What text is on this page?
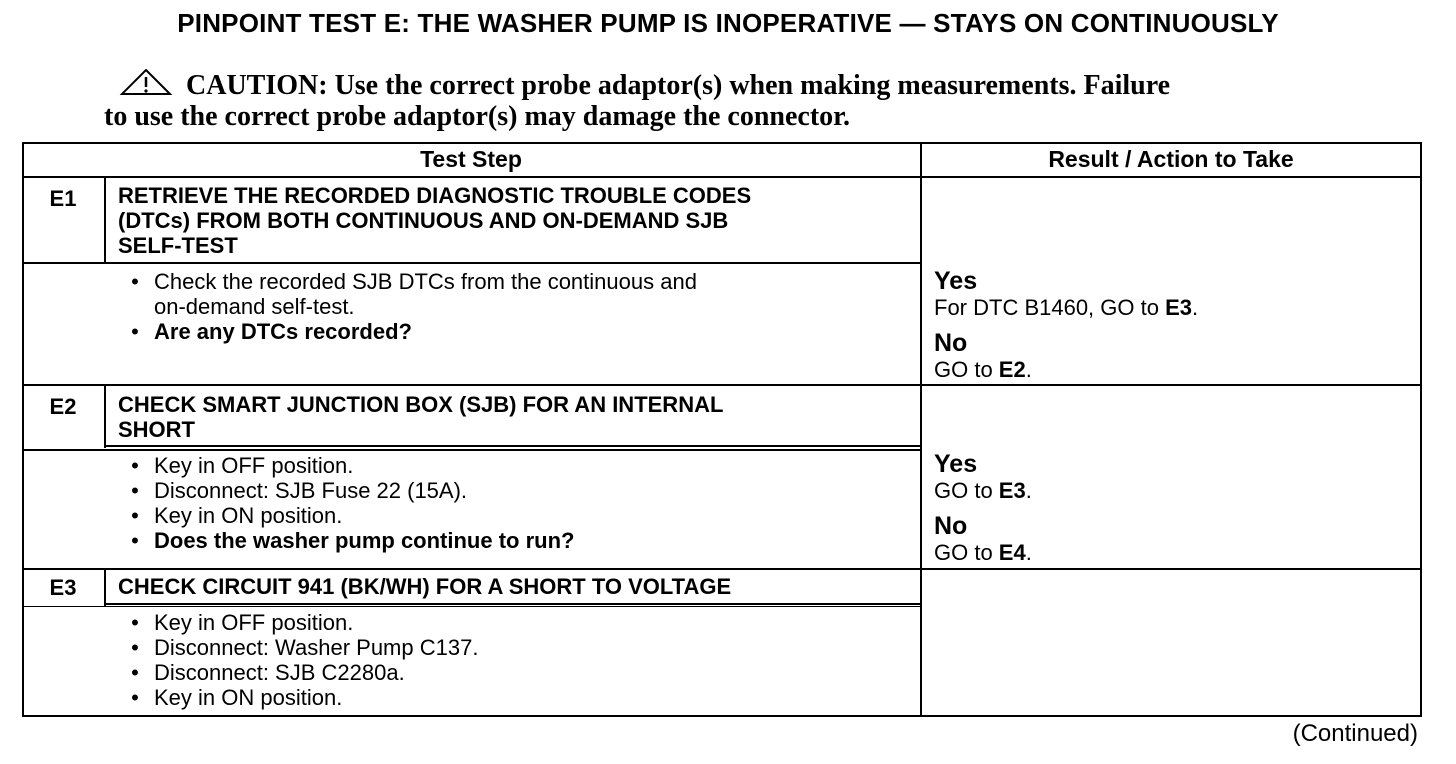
PINPOINT TEST E: THE WASHER PUMP IS INOPERATIVE — STAYS ON CONTINUOUSLY
CAUTION: Use the correct probe adaptor(s) when making measurements. Failure
to use the correct probe adaptor(s) may damage the connector.
Test Step	Result / Action to Take
E1	RETRIEVE THE RECORDED DIAGNOSTIC TROUBLE CODES
(DTCs) FROM BOTH CONTINUOUS AND ON-DEMAND SJB
SELF-TEST
• Check the recorded SJB DTCs from the continuous and
on-demand self-test.
• Are any DTCs recorded?
Yes
For DTC B1460, GO to E3.
No
GO to E2.
E2	CHECK SMART JUNCTION BOX (SJB) FOR AN INTERNAL
SHORT
• Key in OFF position.
• Disconnect: SJB Fuse 22 (15A).
• Key in ON position.
• Does the washer pump continue to run?
Yes
GO to E3.
No
GO to E4.
E3	CHECK CIRCUIT 941 (BK/WH) FOR A SHORT TO VOLTAGE
• Key in OFF position.
• Disconnect: Washer Pump C137.
• Disconnect: SJB C2280a.
• Key in ON position.
(Continued)
